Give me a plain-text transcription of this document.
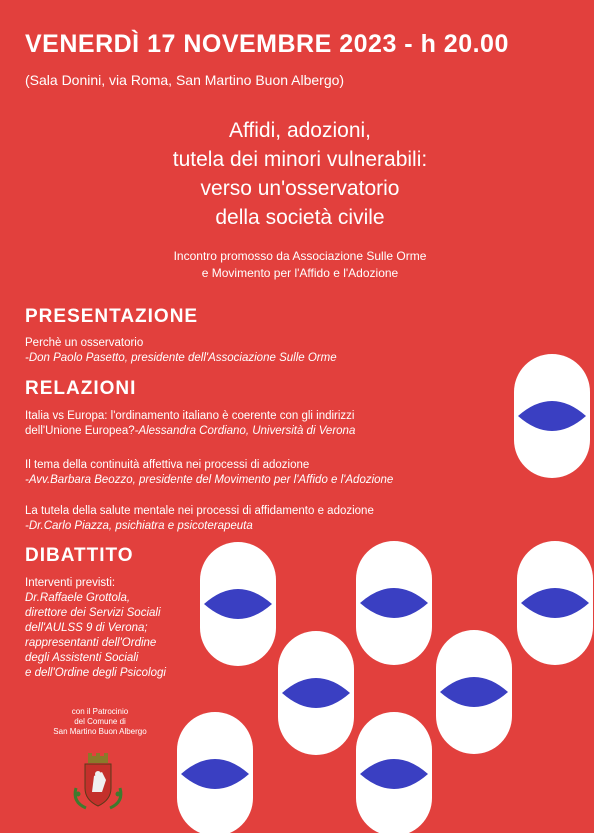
VENERDÌ 17 NOVEMBRE 2023 - h 20.00
(Sala Donini, via Roma, San Martino Buon Albergo)
Affidi, adozioni,
tutela dei minori vulnerabili:
verso un'osservatorio
della società civile
Incontro promosso da Associazione Sulle Orme
e Movimento per l'Affido e l'Adozione
PRESENTAZIONE
Perchè un osservatorio
-Don Paolo Pasetto, presidente dell'Associazione Sulle Orme
RELAZIONI
Italia vs Europa: l'ordinamento italiano è coerente con gli indirizzi
dell'Unione Europea?-Alessandra Cordiano, Università di Verona
Il tema della continuità affettiva nei processi di adozione
-Avv.Barbara Beozzo, presidente del Movimento per l'Affido e l'Adozione
La tutela della salute mentale nei processi di affidamento e adozione
-Dr.Carlo Piazza, psichiatra e psicoterapeuta
DIBATTITO
Interventi previsti:
Dr.Raffaele Grottola,
direttore dei Servizi Sociali
dell'AULSS 9 di Verona;
rappresentanti dell'Ordine
degli Assistenti Sociali
e dell'Ordine degli Psicologi
con il Patrocinio
del Comune di
San Martino Buon Albergo
